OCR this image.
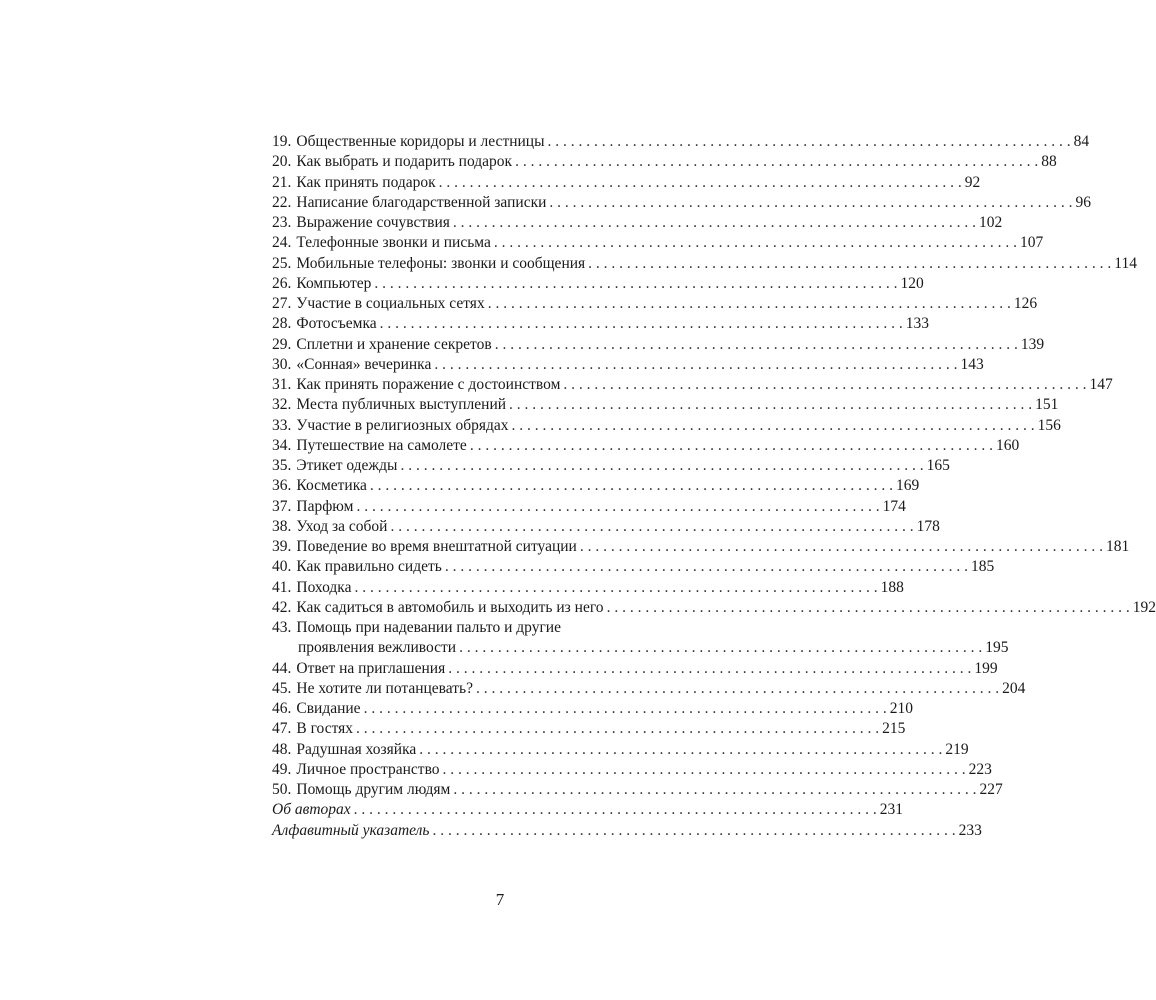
19. Общественные коридоры и лестницы . . .	84
20. Как выбрать и подарить подарок . . .	88
21. Как принять подарок . . .	92
22. Написание благодарственной записки . . .	96
23. Выражение сочувствия . . .	102
24. Телефонные звонки и письма . . .	107
25. Мобильные телефоны: звонки и сообщения . . .	114
26. Компьютер . . .	120
27. Участие в социальных сетях . . .	126
28. Фотосъемка . . .	133
29. Сплетни и хранение секретов . . .	139
30. «Сонная» вечеринка . . .	143
31. Как принять поражение с достоинством . . .	147
32. Места публичных выступлений . . .	151
33. Участие в религиозных обрядах . . .	156
34. Путешествие на самолете . . .	160
35. Этикет одежды . . .	165
36. Косметика . . .	169
37. Парфюм . . .	174
38. Уход за собой . . .	178
39. Поведение во время внештатной ситуации . . .	181
40. Как правильно сидеть . . .	185
41. Походка . . .	188
42. Как садиться в автомобиль и выходить из него . . .	192
43. Помощь при надевании пальто и другие
проявления вежливости . . .	195
44. Ответ на приглашения . . .	199
45. Не хотите ли потанцевать? . . .	204
46. Свидание . . .	210
47. В гостях . . .	215
48. Радушная хозяйка . . .	219
49. Личное пространство . . .	223
50. Помощь другим людям . . .	227
Об авторах . . .	231
Алфавитный указатель . . .	233
7
